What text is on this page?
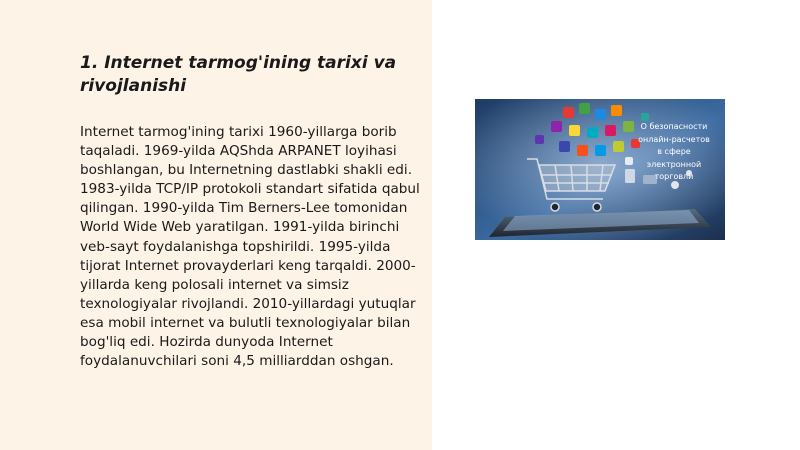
1. Internet tarmog'ining tarixi va rivojlanishi
Internet tarmog'ining tarixi 1960-yillarga borib taqaladi. 1969-yilda AQShda ARPANET loyihasi boshlangan, bu Internetning dastlabki shakli edi. 1983-yilda TCP/IP protokoli standart sifatida qabul qilingan. 1990-yilda Tim Berners-Lee tomonidan World Wide Web yaratilgan. 1991-yilda birinchi veb-sayt foydalanishga topshirildi. 1995-yilda tijorat Internet provayderlari keng tarqaldi. 2000-yillarda keng polosali internet va simsiz texnologiyalar rivojlandi. 2010-yillardagi yutuqlar esa mobil internet va bulutli texnologiyalar bilan bog'liq edi. Hozirda dunyoda Internet foydalanuvchilari soni 4,5 milliarddan oshgan.
О безопасности
онлайн-расчетов
в сфере
электронной
торговли
